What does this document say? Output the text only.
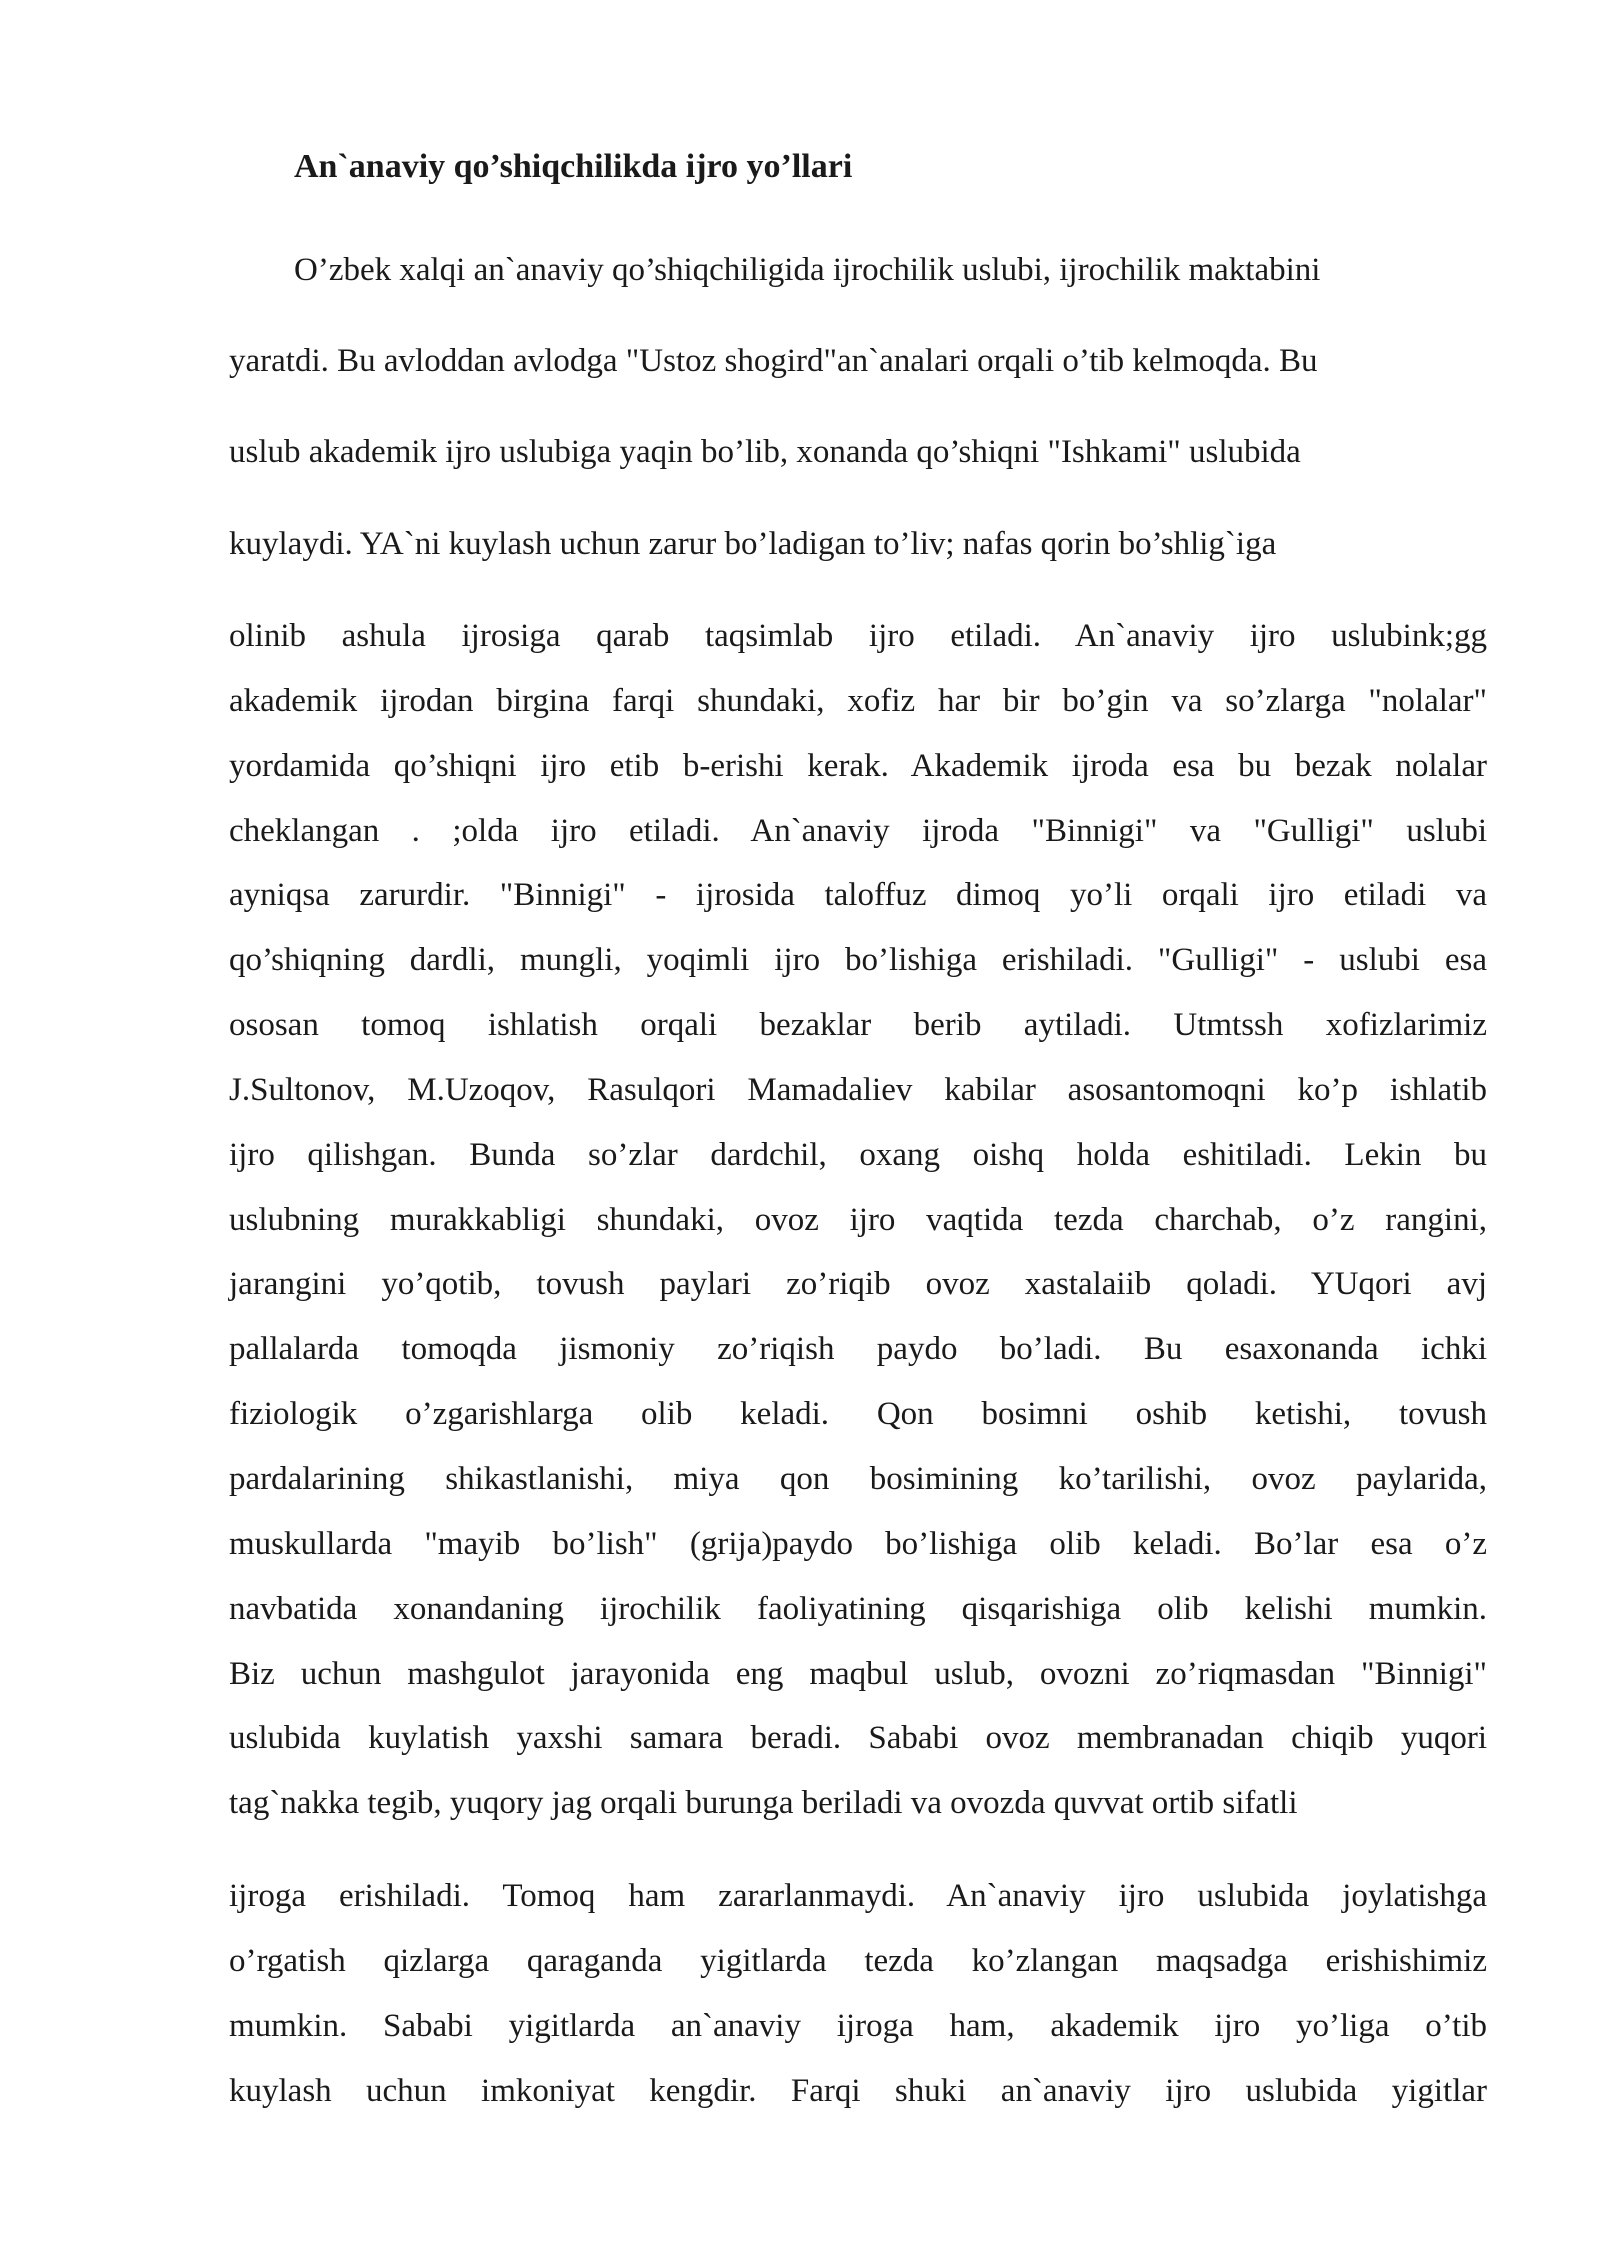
An`anaviy qo’shiqchilikda ijro yo’llari
O’zbek xalqi an`anaviy qo’shiqchiligida ijrochilik uslubi, ijrochilik maktabini
yaratdi. Bu avloddan avlodga "Ustoz shogird"an`analari orqali o’tib kelmoqda. Bu
uslub akademik ijro uslubiga yaqin bo’lib, xonanda qo’shiqni "Ishkami" uslubida
kuylaydi. YA`ni kuylash uchun zarur bo’ladigan to’liv; nafas qorin bo’shlig`iga
olinib ashula ijrosiga qarab taqsimlab ijro etiladi. An`anaviy ijro uslubink;gg
akademik ijrodan birgina farqi shundaki, xofiz har bir bo’gin va so’zlarga "nolalar"
yordamida qo’shiqni ijro etib b-erishi kerak. Akademik ijroda esa bu bezak nolalar
cheklangan . ;olda ijro etiladi. An`anaviy ijroda "Binnigi" va "Gulligi" uslubi
ayniqsa zarurdir. "Binnigi" - ijrosida taloffuz dimoq yo’li orqali ijro etiladi va
qo’shiqning dardli, mungli, yoqimli ijro bo’lishiga erishiladi. "Gulligi" - uslubi esa
ososan tomoq ishlatish orqali bezaklar berib aytiladi. Utmtssh xofizlarimiz
J.Sultonov, M.Uzoqov, Rasulqori Mamadaliev kabilar asosantomoqni ko’p ishlatib
ijro qilishgan. Bunda so’zlar dardchil, oxang oishq holda eshitiladi. Lekin bu
uslubning murakkabligi shundaki, ovoz ijro vaqtida tezda charchab, o’z rangini,
jarangini yo’qotib, tovush paylari zo’riqib ovoz xastalaiib qoladi. YUqori avj
pallalarda tomoqda jismoniy zo’riqish paydo bo’ladi. Bu esaxonanda ichki
fiziologik o’zgarishlarga olib keladi. Qon bosimni oshib ketishi, tovush
pardalarining shikastlanishi, miya qon bosimining ko’tarilishi, ovoz paylarida,
muskullarda "mayib bo’lish" (grija)paydo bo’lishiga olib keladi. Bo’lar esa o’z
navbatida xonandaning ijrochilik faoliyatining qisqarishiga olib kelishi mumkin.
Biz uchun mashgulot jarayonida eng maqbul uslub, ovozni zo’riqmasdan "Binnigi"
uslubida kuylatish yaxshi samara beradi. Sababi ovoz membranadan chiqib yuqori
tag`nakka tegib, yuqory jag orqali burunga beriladi va ovozda quvvat ortib sifatli
ijroga erishiladi. Tomoq ham zararlanmaydi. An`anaviy ijro uslubida joylatishga
o’rgatish qizlarga qaraganda yigitlarda tezda ko’zlangan maqsadga erishishimiz
mumkin. Sababi yigitlarda an`anaviy ijroga ham, akademik ijro yo’liga o’tib
kuylash uchun imkoniyat kengdir. Farqi shuki an`anaviy ijro uslubida yigitlar
